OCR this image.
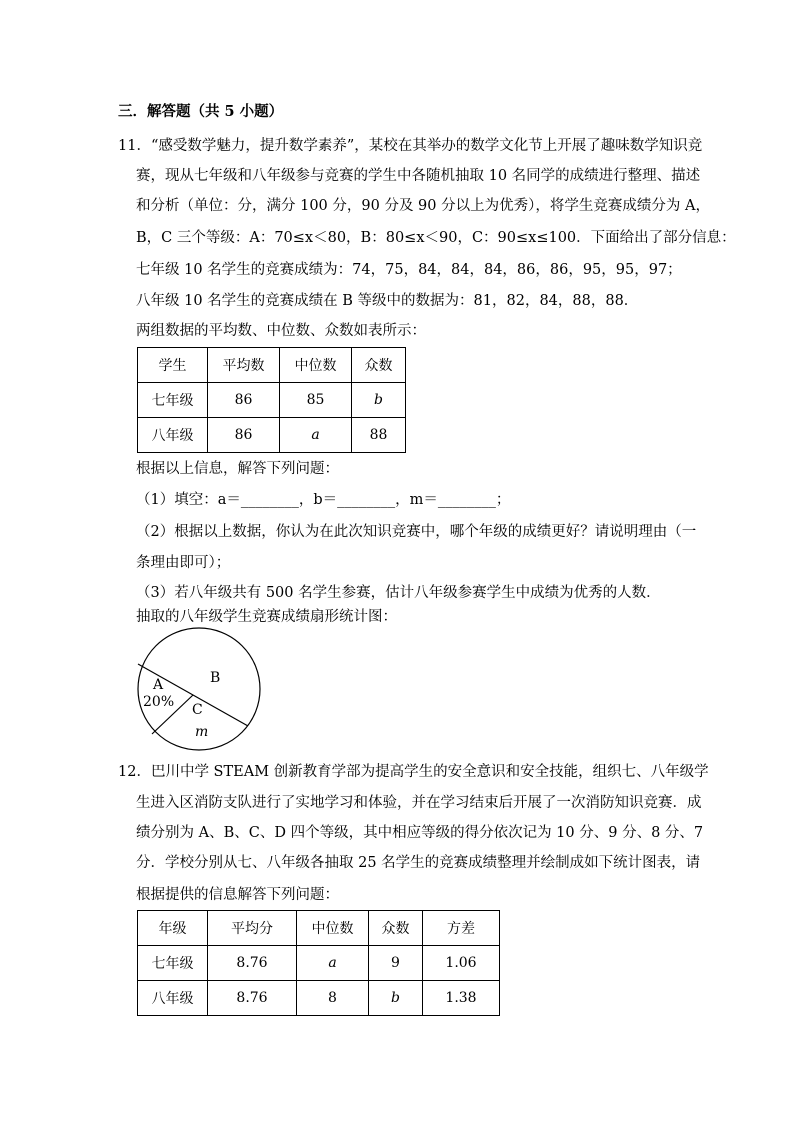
三．解答题（共 5 小题）
11．“感受数学魅力，提升数学素养”，某校在其举办的数学文化节上开展了趣味数学知识竞
赛，现从七年级和八年级参与竞赛的学生中各随机抽取 10 名同学的成绩进行整理、描述
和分析（单位：分，满分 100 分，90 分及 90 分以上为优秀），将学生竞赛成绩分为 A，
B，C 三个等级：A：70≤x＜80，B：80≤x＜90，C：90≤x≤100．下面给出了部分信息：
七年级 10 名学生的竞赛成绩为：74，75，84，84，84，86，86，95，95，97；
八年级 10 名学生的竞赛成绩在 B 等级中的数据为：81，82，84，88，88．
两组数据的平均数、中位数、众数如表所示：
学生	平均数	中位数	众数
七年级	86	85	b
八年级	86	a	88
根据以上信息，解答下列问题：
（1）填空：a＝________，b＝________，m＝________；
（2）根据以上数据，你认为在此次知识竞赛中，哪个年级的成绩更好？请说明理由（一
条理由即可）；
（3）若八年级共有 500 名学生参赛，估计八年级参赛学生中成绩为优秀的人数．
抽取的八年级学生竞赛成绩扇形统计图：
A
20%
B
C
m
12．巴川中学 STEAM 创新教育学部为提高学生的安全意识和安全技能，组织七、八年级学
生进入区消防支队进行了实地学习和体验，并在学习结束后开展了一次消防知识竞赛．成
绩分别为 A、B、C、D 四个等级，其中相应等级的得分依次记为 10 分、9 分、8 分、7
分．学校分别从七、八年级各抽取 25 名学生的竞赛成绩整理并绘制成如下统计图表，请
根据提供的信息解答下列问题：
年级	平均分	中位数	众数	方差
七年级	8.76	a	9	1.06
八年级	8.76	8	b	1.38
